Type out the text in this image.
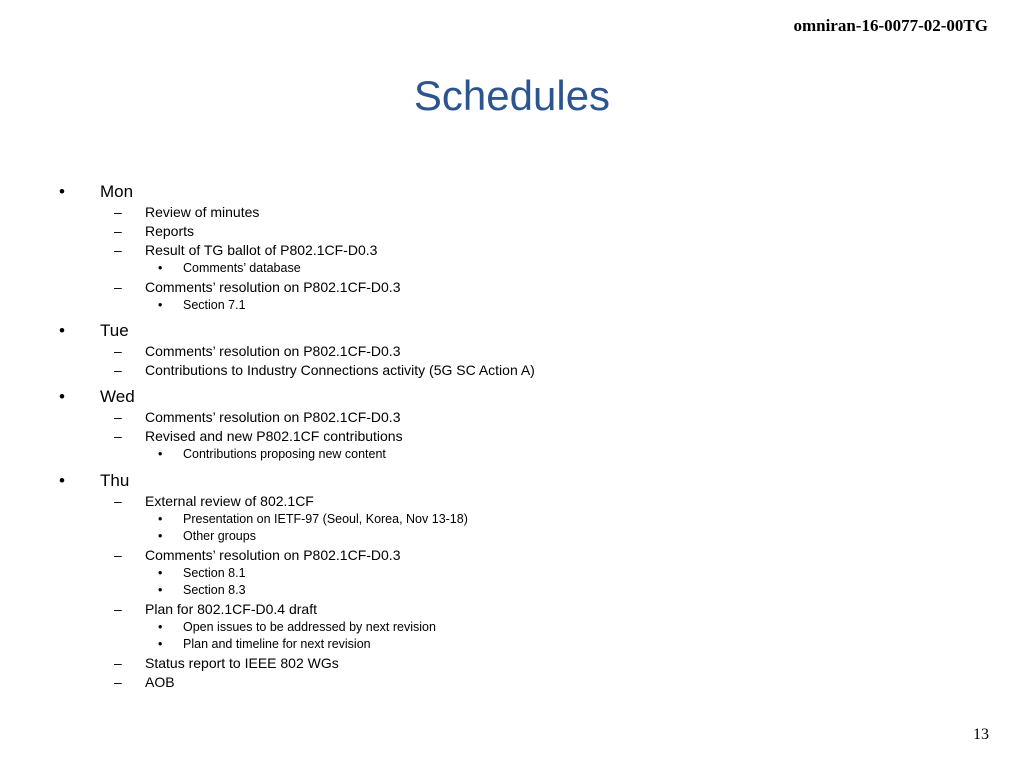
omniran-16-0077-02-00TG
Schedules
• Mon
– Review of minutes
– Reports
– Result of TG ballot of P802.1CF-D0.3
• Comments’ database
– Comments’ resolution on P802.1CF-D0.3
• Section 7.1
• Tue
– Comments’ resolution on P802.1CF-D0.3
– Contributions to Industry Connections activity (5G SC Action A)
• Wed
– Comments’ resolution on P802.1CF-D0.3
– Revised and new P802.1CF contributions
• Contributions proposing new content
• Thu
– External review of 802.1CF
• Presentation on IETF-97 (Seoul, Korea, Nov 13-18)
• Other groups
– Comments’ resolution on P802.1CF-D0.3
• Section 8.1
• Section 8.3
– Plan for 802.1CF-D0.4 draft
• Open issues to be addressed by next revision
• Plan and timeline for next revision
– Status report to IEEE 802 WGs
– AOB
13
